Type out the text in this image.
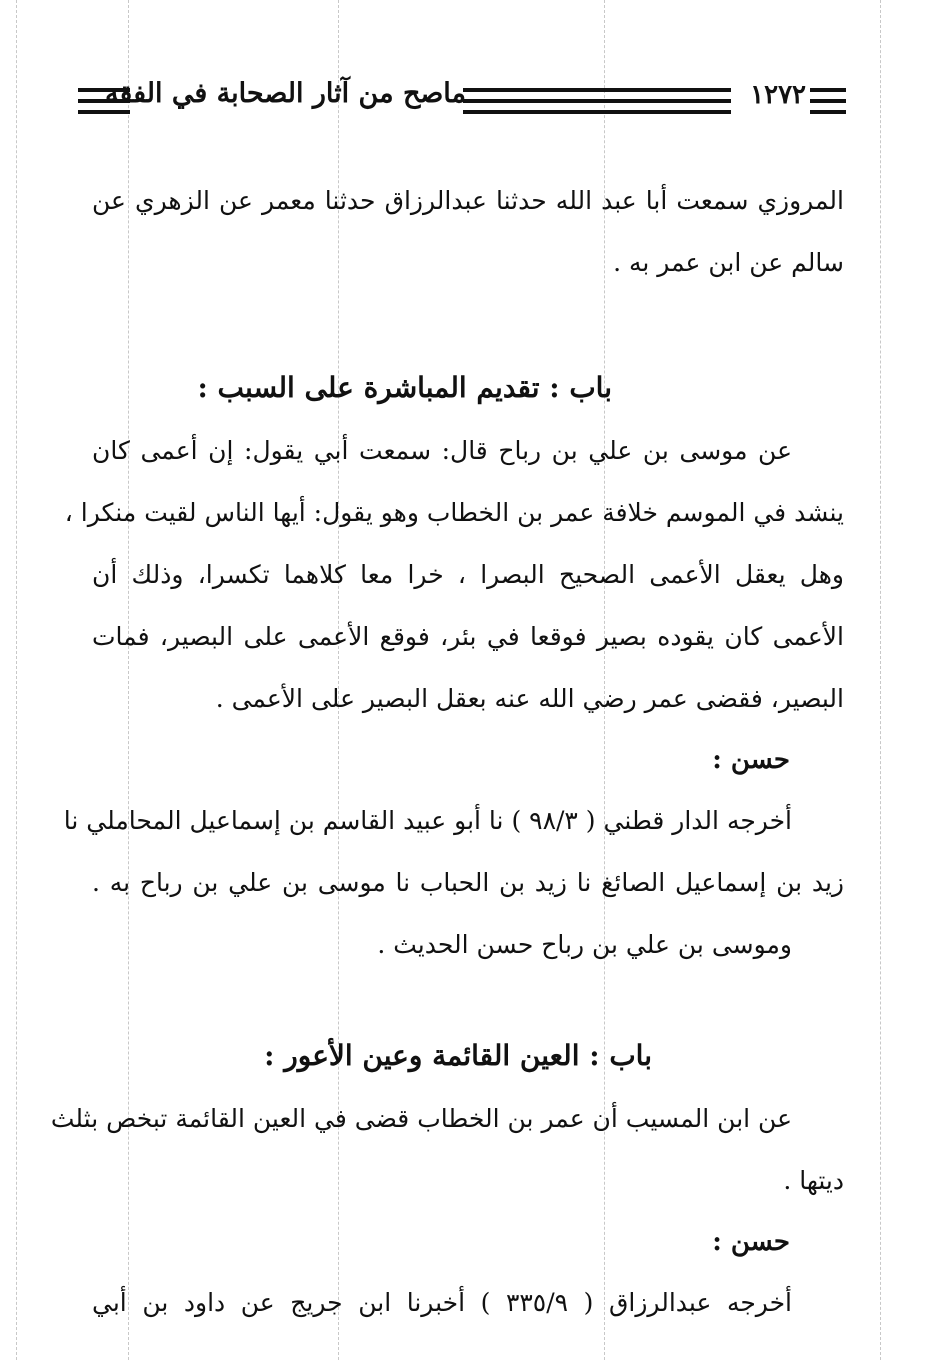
ماصح من آثار الصحابة في الفقه	١٢٧٢
المروزي سمعت أبا عبد الله حدثنا عبدالرزاق حدثنا معمر عن الزهري عن
سالم عن ابن عمر به .
باب : تقديم المباشرة على السبب :
عن موسى بن علي بن رباح قال: سمعت أبي يقول: إن أعمى كان
ينشد في الموسم خلافة عمر بن الخطاب وهو يقول: أيها الناس لقيت منكرا ،
وهل يعقل الأعمى الصحيح البصرا ، خرا معا كلاهما تكسرا، وذلك أن
الأعمى كان يقوده بصير فوقعا في بئر، فوقع الأعمى على البصير، فمات
البصير، فقضى عمر رضي الله عنه بعقل البصير على الأعمى .
حسن :
أخرجه الدار قطني ( ٩٨/٣ ) نا أبو عبيد القاسم بن إسماعيل المحاملي نا
زيد بن إسماعيل الصائغ نا زيد بن الحباب نا موسى بن علي بن رباح به .
وموسى بن علي بن رباح حسن الحديث .
باب : العين القائمة وعين الأعور :
عن ابن المسيب أن عمر بن الخطاب قضى في العين القائمة تبخص بثلث
ديتها .
حسن :
أخرجه عبدالرزاق ( ٣٣٥/٩ ) أخبرنا ابن جريج عن داود بن أبي
